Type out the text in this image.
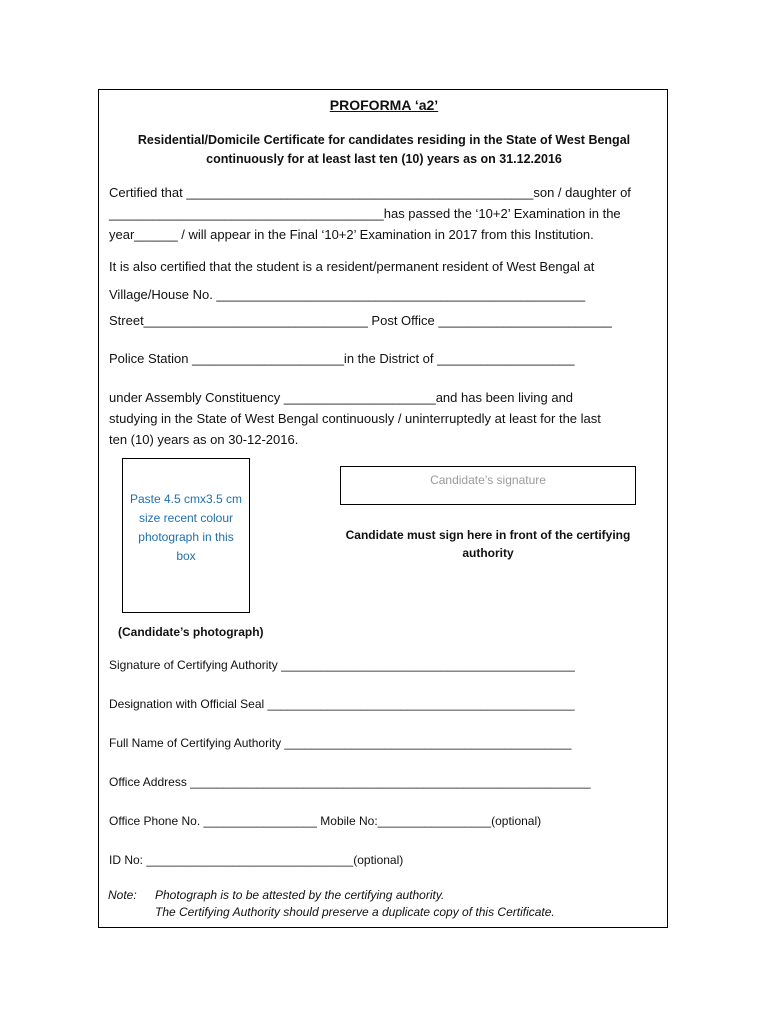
PROFORMA ‘a2’
Residential/Domicile Certificate for candidates residing in the State of West Bengal
continuously for at least last ten (10) years as on 31.12.2016
Certified that ________________________________________________son / daughter of
______________________________________has passed the ‘10+2’ Examination in the
year______ / will appear in the Final ‘10+2’ Examination in 2017 from this Institution.
It is also certified that the student is a resident/permanent resident of West Bengal at
Village/House No. ___________________________________________________
Street_______________________________ Post Office ________________________
Police Station _____________________in the District of ___________________
under Assembly Constituency _____________________and has been living and
studying in the State of West Bengal continuously / uninterruptedly at least for the last
ten (10) years as on 30-12-2016.
Paste 4.5 cmx3.5 cm size recent colour photograph in this box
(Candidate’s photograph)
Candidate’s signature
Candidate must sign here in front of the certifying authority
Signature of Certifying Authority ____________________________________________
Designation with Official Seal ______________________________________________
Full Name of Certifying Authority ___________________________________________
Office Address ____________________________________________________________
Office Phone No. _________________ Mobile No:_________________(optional)
ID No: _______________________________(optional)
Note: Photograph is to be attested by the certifying authority.
The Certifying Authority should preserve a duplicate copy of this Certificate.
